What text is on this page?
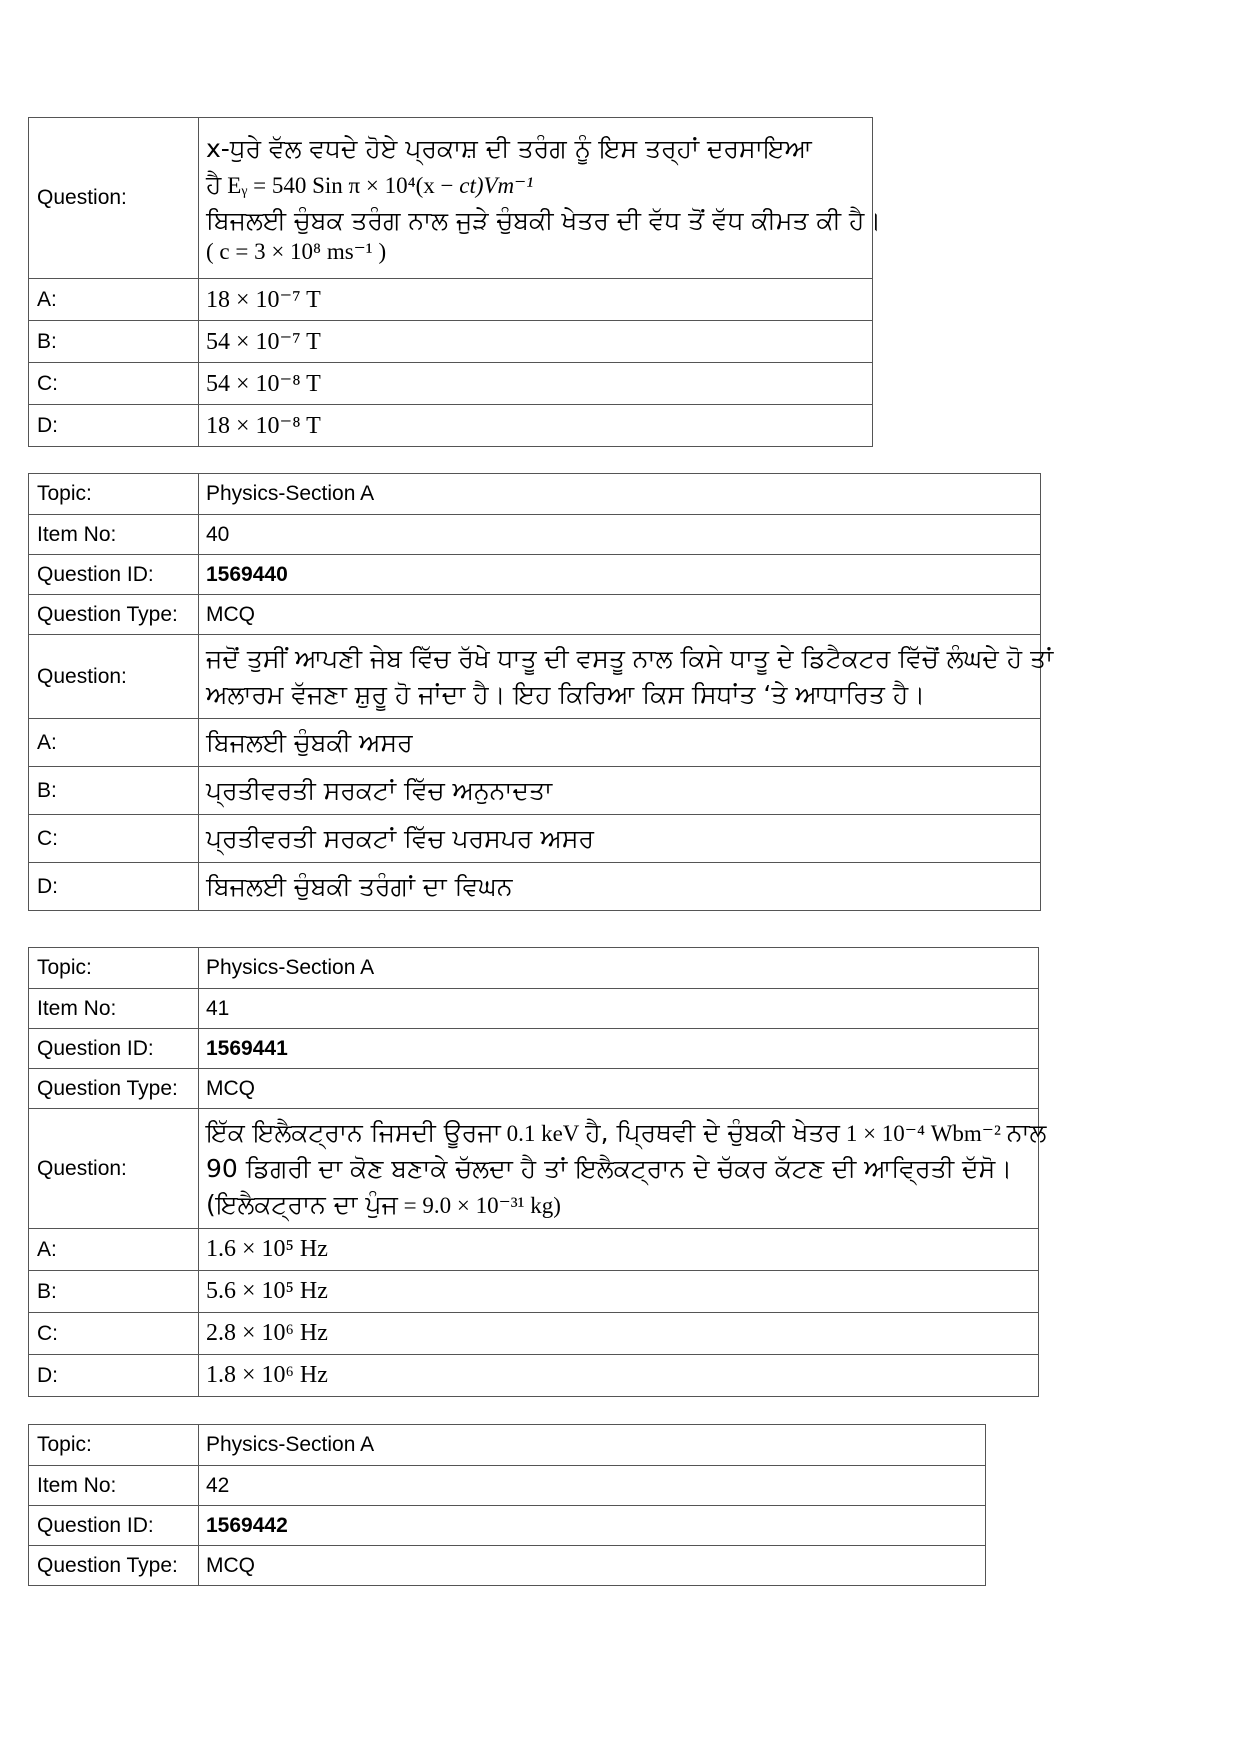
Question:	x-ਧੁਰੇ ਵੱਲ ਵਧਦੇ ਹੋਏ ਪ੍ਰਕਾਸ਼ ਦੀ ਤਰੰਗ ਨੂੰ ਇਸ ਤਰ੍ਹਾਂ ਦਰਸਾਇਆ
ਹੈ Eᵧ = 540 Sin π × 10⁴(x − ct)Vm⁻¹
ਬਿਜਲਈ ਚੁੰਬਕ ਤਰੰਗ ਨਾਲ ਜੁੜੇ ਚੁੰਬਕੀ ਖੇਤਰ ਦੀ ਵੱਧ ਤੋਂ ਵੱਧ ਕੀਮਤ ਕੀ ਹੈ।
( c = 3 × 10⁸ ms⁻¹ )

A:	18 × 10⁻⁷ T
B:	54 × 10⁻⁷ T
C:	54 × 10⁻⁸ T
D:	18 × 10⁻⁸ T
Topic:	Physics-Section A
Item No:	40
Question ID:	1569440
Question Type:	MCQ
Question:	ਜਦੋਂ ਤੁਸੀਂ ਆਪਣੀ ਜੇਬ ਵਿੱਚ ਰੱਖੇ ਧਾਤੂ ਦੀ ਵਸਤੂ ਨਾਲ ਕਿਸੇ ਧਾਤੂ ਦੇ ਡਿਟੈਕਟਰ ਵਿੱਚੋਂ ਲੰਘਦੇ ਹੋ ਤਾਂ
ਅਲਾਰਮ ਵੱਜਣਾ ਸ਼ੁਰੂ ਹੋ ਜਾਂਦਾ ਹੈ। ਇਹ ਕਿਰਿਆ ਕਿਸ ਸਿਧਾਂਤ ‘ਤੇ ਆਧਾਰਿਤ ਹੈ।

A:	ਬਿਜਲਈ ਚੁੰਬਕੀ ਅਸਰ
B:	ਪ੍ਰਤੀਵਰਤੀ ਸਰਕਟਾਂ ਵਿੱਚ ਅਨੁਨਾਦਤਾ
C:	ਪ੍ਰਤੀਵਰਤੀ ਸਰਕਟਾਂ ਵਿੱਚ ਪਰਸਪਰ ਅਸਰ
D:	ਬਿਜਲਈ ਚੁੰਬਕੀ ਤਰੰਗਾਂ ਦਾ ਵਿਘਨ
Topic:	Physics-Section A
Item No:	41
Question ID:	1569441
Question Type:	MCQ
Question:	ਇੱਕ ਇਲੈਕਟ੍ਰਾਨ ਜਿਸਦੀ ਊਰਜਾ 0.1 keV ਹੈ, ਪ੍ਰਿਥਵੀ ਦੇ ਚੁੰਬਕੀ ਖੇਤਰ 1 × 10⁻⁴ Wbm⁻² ਨਾਲ
90 ਡਿਗਰੀ ਦਾ ਕੋਣ ਬਣਾਕੇ ਚੱਲਦਾ ਹੈ ਤਾਂ ਇਲੈਕਟ੍ਰਾਨ ਦੇ ਚੱਕਰ ਕੱਟਣ ਦੀ ਆਵ੍ਰਿਤੀ ਦੱਸੋ।
(ਇਲੈਕਟ੍ਰਾਨ ਦਾ ਪੁੰਜ = 9.0 × 10⁻³¹ kg)

A:	1.6 × 10⁵ Hz
B:	5.6 × 10⁵ Hz
C:	2.8 × 10⁶ Hz
D:	1.8 × 10⁶ Hz
Topic:	Physics-Section A
Item No:	42
Question ID:	1569442
Question Type:	MCQ
